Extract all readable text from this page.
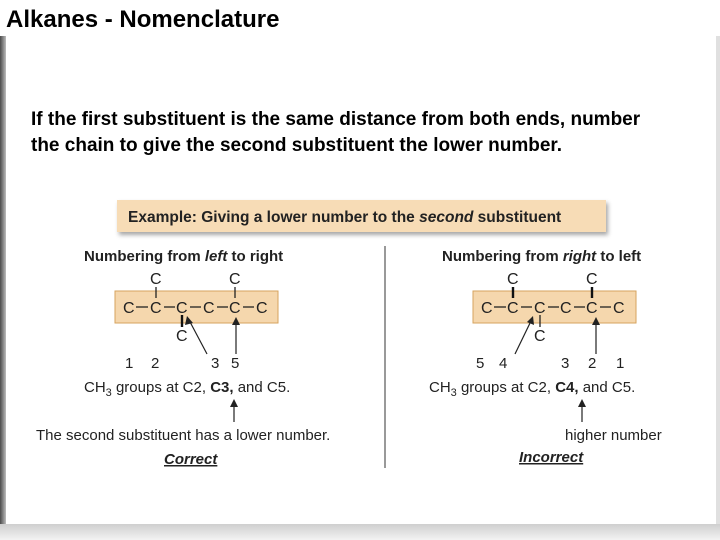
Alkanes - Nomenclature

If the first substituent is the same distance from both ends, number the chain to give the second substituent the lower number.

Example: Giving a lower number to the second substituent
Numbering from left to right
C	C
C C C C C C
C
1 2	3 5
$CH_3$ groups at C2, C3, and C5.
The second substituent has a lower number.
Correct
Numbering from right to left
C	C
C C C C C C
C
5 4	3 2 1
$CH_3$ groups at C2, C4, and C5.
higher number
Incorrect
